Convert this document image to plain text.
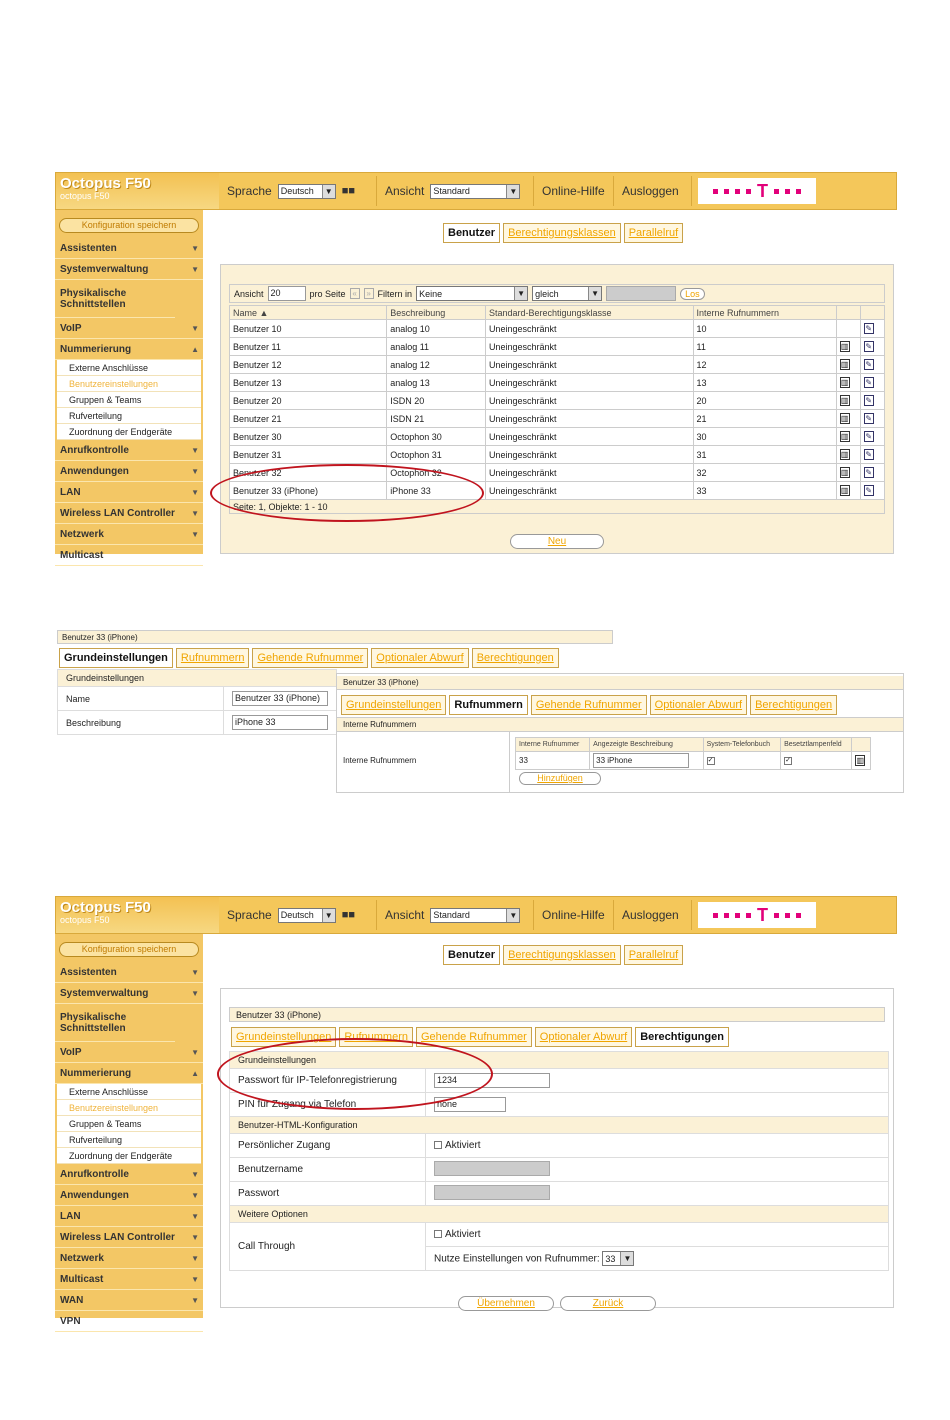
Octopus F50
octopus F50	Sprache Deutsch	▼ ■■	Ansicht Standard	▼ Online-Hilfe Ausloggen	T
Konfiguration speichern
Assistenten	▼
Systemverwaltung	▼
Physikalische Schnittstellen
VoIP	▼
Nummerierung	▲
Externe Anschlüsse
Benutzereinstellungen
Gruppen & Teams
Rufverteilung
Zuordnung der Endgeräte
Anrufkontrolle	▼
Anwendungen	▼
LAN	▼
Wireless LAN Controller ▼
Netzwerk	▼
Multicast
Benutzer	Berechtigungsklassen	Parallelruf
Ansicht 20	pro Seite «	» Filtern in Keine	▼ gleich	▼	Los
Name ▲	Beschreibung	Standard-Berechtigungsklasse	Interne Rufnummern		
Benutzer 10	analog 10	Uneingeschränkt	10		✎
Benutzer 11	analog 11	Uneingeschränkt	11	▥	✎
Benutzer 12	analog 12	Uneingeschränkt	12	▥	✎
Benutzer 13	analog 13	Uneingeschränkt	13	▥	✎
Benutzer 20	ISDN 20	Uneingeschränkt	20	▥	✎
Benutzer 21	ISDN 21	Uneingeschränkt	21	▥	✎
Benutzer 30	Octophon 30	Uneingeschränkt	30	▥	✎
Benutzer 31	Octophon 31	Uneingeschränkt	31	▥	✎
Benutzer 32	Octophon 32	Uneingeschränkt	32	▥	✎
Benutzer 33 (iPhone)	iPhone 33	Uneingeschränkt	33	▥	✎
Seite: 1, Objekte: 1 - 10					
Neu
Benutzer 33 (iPhone)
Grundeinstellungen	Rufnummern	Gehende Rufnummer	Optionaler Abwurf	Berechtigungen
Grundeinstellungen	
Name	Benutzer 33 (iPhone)
Beschreibung	iPhone 33
Benutzer 33 (iPhone)
Grundeinstellungen	Rufnummern	Gehende Rufnummer	Optionaler Abwurf	Berechtigungen
Interne Rufnummern
Interne Rufnummern
Interne Rufnummer	Angezeigte Beschreibung	System-Telefonbuch	Besetztlampenfeld	
33	33 iPhone	✓	✓	▥
Hinzufügen
Octopus F50
octopus F50	Sprache Deutsch	▼ ■■	Ansicht Standard	▼ Online-Hilfe Ausloggen	T
Konfiguration speichern
Assistenten	▼
Systemverwaltung	▼
Physikalische Schnittstellen
VoIP	▼
Nummerierung	▲
Externe Anschlüsse
Benutzereinstellungen
Gruppen & Teams
Rufverteilung
Zuordnung der Endgeräte
Anrufkontrolle	▼
Anwendungen	▼
LAN	▼
Wireless LAN Controller ▼
Netzwerk	▼
Multicast	▼
WAN	▼
VPN
Benutzer	Berechtigungsklassen	Parallelruf
Benutzer 33 (iPhone)
Grundeinstellungen	Rufnummern	Gehende Rufnummer	Optionaler Abwurf	Berechtigungen
Grundeinstellungen	
Passwort für IP-Telefonregistrierung	1234
PIN für Zugang via Telefon	none
Benutzer-HTML-Konfiguration	
Persönlicher Zugang	Aktiviert
Benutzername	
Passwort	
Weitere Optionen	
Call Through	Aktiviert
	Nutze Einstellungen von Rufnummer: 33 ▼
Übernehmen	Zurück
